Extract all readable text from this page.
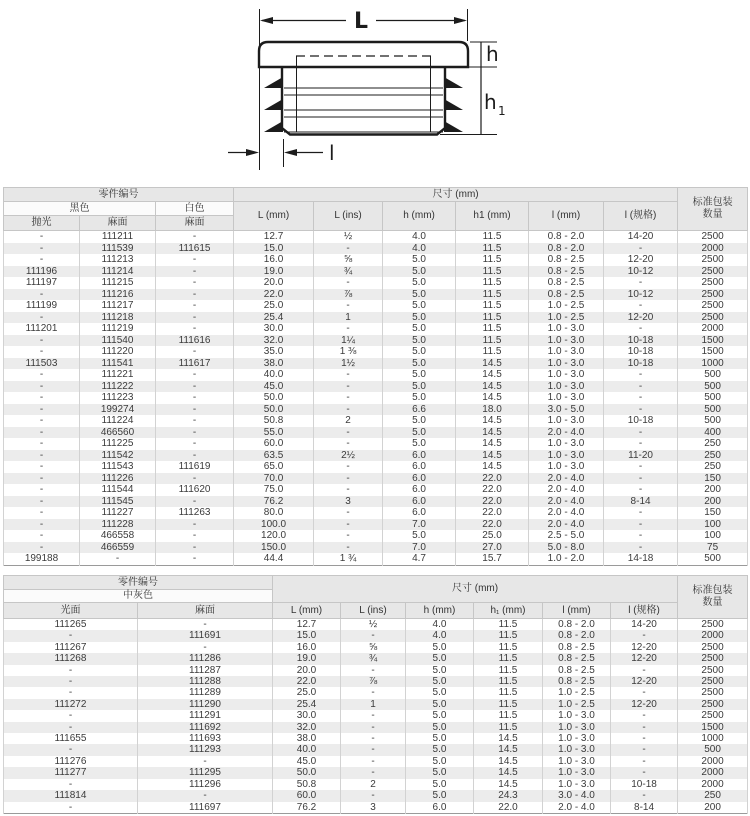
L
h
h 1
l
零件编号			尺寸 (mm)						标准包装
数量

黑色		白色	L (mm)	L (ins)	h (mm)	h1 (mm)	l (mm)	l (规格)	
抛光	麻面	麻面							
-	111211	-	12.7	½	4.0	11.5	0.8 - 2.0	14-20	2500
-	111539	111615	15.0	-	4.0	11.5	0.8 - 2.0	-	2000
-	111213	-	16.0	⅝	5.0	11.5	0.8 - 2.5	12-20	2500
111196	111214	-	19.0	¾	5.0	11.5	0.8 - 2.5	10-12	2500
111197	111215	-	20.0	-	5.0	11.5	0.8 - 2.5	-	2500
-	111216	-	22.0	⅞	5.0	11.5	0.8 - 2.5	10-12	2500
111199	111217	-	25.0	-	5.0	11.5	1.0 - 2.5	-	2500
-	111218	-	25.4	1	5.0	11.5	1.0 - 2.5	12-20	2500
111201	111219	-	30.0	-	5.0	11.5	1.0 - 3.0	-	2000
-	111540	111616	32.0	1¼	5.0	11.5	1.0 - 3.0	10-18	1500
-	111220	-	35.0	1 ⅜	5.0	11.5	1.0 - 3.0	10-18	1500
111503	111541	111617	38.0	1½	5.0	14.5	1.0 - 3.0	10-18	1000
-	111221	-	40.0	-	5.0	14.5	1.0 - 3.0	-	500
-	111222	-	45.0	-	5.0	14.5	1.0 - 3.0	-	500
-	111223	-	50.0	-	5.0	14.5	1.0 - 3.0	-	500
-	199274	-	50.0	-	6.6	18.0	3.0 - 5.0	-	500
-	111224	-	50.8	2	5.0	14.5	1.0 - 3.0	10-18	500
-	466560	-	55.0	-	5.0	14.5	2.0 - 4.0	-	400
-	111225	-	60.0	-	5.0	14.5	1.0 - 3.0	-	250
-	111542	-	63.5	2½	6.0	14.5	1.0 - 3.0	11-20	250
-	111543	111619	65.0	-	6.0	14.5	1.0 - 3.0	-	250
-	111226	-	70.0	-	6.0	22.0	2.0 - 4.0	-	150
-	111544	111620	75.0	-	6.0	22.0	2.0 - 4.0	-	200
-	111545	-	76.2	3	6.0	22.0	2.0 - 4.0	8-14	200
-	111227	111263	80.0	-	6.0	22.0	2.0 - 4.0	-	150
-	111228	-	100.0	-	7.0	22.0	2.0 - 4.0	-	100
-	466558	-	120.0	-	5.0	25.0	2.5 - 5.0	-	100
-	466559	-	150.0	-	7.0	27.0	5.0 - 8.0	-	75
199188	-	-	44.4	1 ¾	4.7	15.7	1.0 - 2.0	14-18	500
零件编号		尺寸 (mm)						标准包装
数量

中灰色								
光面	麻面	L (mm)	L (ins)	h (mm)	h₁ (mm)	l (mm)	l (规格)	
111265	-	12.7	½	4.0	11.5	0.8 - 2.0	14-20	2500
-	111691	15.0	-	4.0	11.5	0.8 - 2.0	-	2000
111267	-	16.0	⅝	5.0	11.5	0.8 - 2.5	12-20	2500
111268	111286	19.0	¾	5.0	11.5	0.8 - 2.5	12-20	2500
-	111287	20.0	-	5.0	11.5	0.8 - 2.5	-	2500
-	111288	22.0	⅞	5.0	11.5	0.8 - 2.5	12-20	2500
-	111289	25.0	-	5.0	11.5	1.0 - 2.5	-	2500
111272	111290	25.4	1	5.0	11.5	1.0 - 2.5	12-20	2500
-	111291	30.0	-	5.0	11.5	1.0 - 3.0	-	2500
-	111692	32.0	-	5.0	11.5	1.0 - 3.0	-	1500
111655	111693	38.0	-	5.0	14.5	1.0 - 3.0	-	1000
-	111293	40.0	-	5.0	14.5	1.0 - 3.0	-	500
111276	-	45.0	-	5.0	14.5	1.0 - 3.0	-	2000
111277	111295	50.0	-	5.0	14.5	1.0 - 3.0	-	2000
-	111296	50.8	2	5.0	14.5	1.0 - 3.0	10-18	2000
111814	-	60.0	-	5.0	24.3	3.0 - 4.0	-	250
-	111697	76.2	3	6.0	22.0	2.0 - 4.0	8-14	200
